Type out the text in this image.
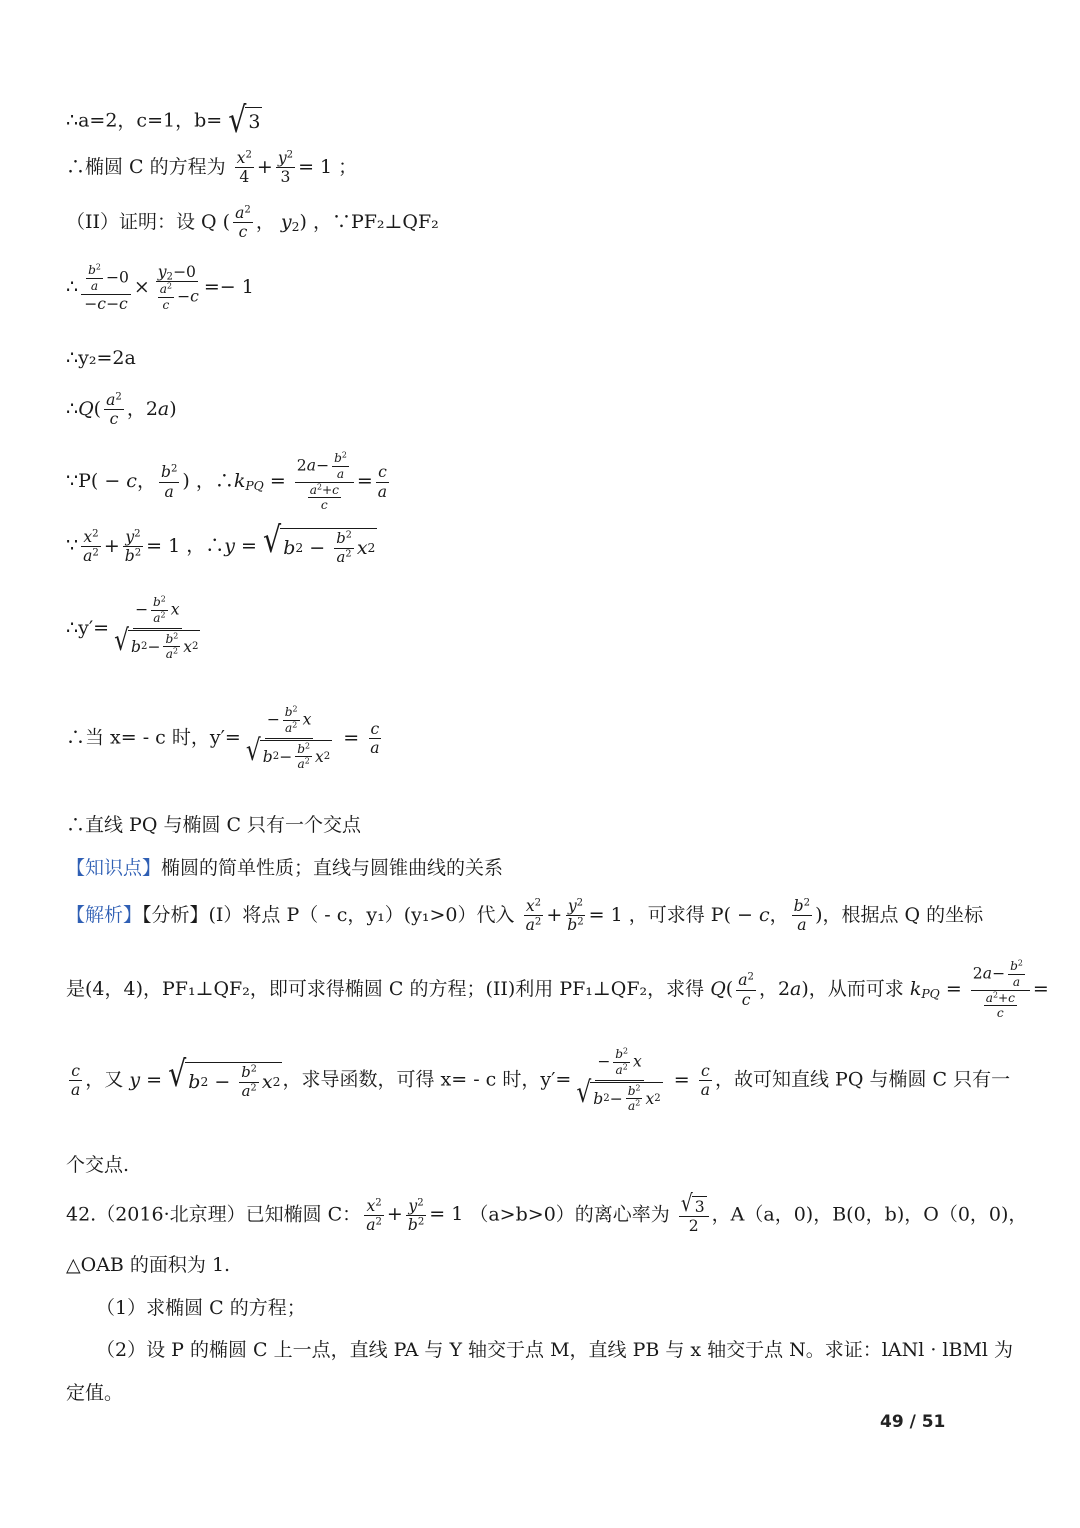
∴a=2，c=1，b= √ 3
∴椭圆 C 的方程为 $\frac{x^2}{4} + \frac{y^2}{3} = 1$ ；
（II）证明：设 Q ( $\frac{a^2}{c}$ ， $y_2$) ，∵PF₂⊥QF₂
∴ $\frac{\frac{b^2}{a} -0}{-c-c} \times \frac{y_2-0}{\frac{a^2}{c} -c} =- 1$
∴y₂=2a
∴Q( $\frac{a^2}{c}$ ，2a)
∵P( − c， $\frac{b^2}{a}$ ) ，$\therefore k_{PQ} = \frac{2a- \frac{b^2}{a}}{\frac{a^2+c}{c}} = \frac{c}{a}$
∵ $\frac{x^2}{a^2} + \frac{y^2}{b^2} = 1$ ，∴y = √ b $2 - \frac{b^2}{a^2}$ x 2
∴y′= $\frac{- \frac{b^2}{a^2} x}{√ b 2 - \frac{b^2}{a^2} x 2}$
∴当 x= - c 时，$y'= \frac{- \frac{b^2}{a^2} x}{√ b 2 - \frac{b^2}{a^2} x 2} = \frac{c}{a}$
∴直线 PQ 与椭圆 C 只有一个交点
【知识点】椭圆的简单性质；直线与圆锥曲线的关系
【解析】【分析】(I）将点 P（ - c，y₁）(y₁>0）代入 $\frac{x^2}{a^2} + \frac{y^2}{b^2} = 1$ ，可求得 P( − c， $\frac{b^2}{a}$ )，根据点 Q 的坐标
是(4，4)，PF₁⊥QF₂，即可求得椭圆 C 的方程；(II)利用 PF₁⊥QF₂，求得 $Q( \frac{a^2}{c}$ ，2a)，从而可求 $k_{PQ} = \frac{2a- \frac{b^2}{a}}{\frac{a^2+c}{c}}$ =
$\frac{c}{a}$ ，又 y = √ b $2 - \frac{b^2}{a^2}$ x 2 ，求导函数，可得 x= - c 时，$y'= \frac{- \frac{b^2}{a^2} x}{√ b 2 - \frac{b^2}{a^2} x 2} = \frac{c}{a}$ ，故可知直线 PQ 与椭圆 C 只有一
个交点.
42.（2016·北京理）已知椭圆 C： $\frac{x^2}{a^2} + \frac{y^2}{b^2} = 1$ （a>b>0）的离心率为 $\frac{√ 3}{2}$ ，A（a，0)，B(0，b)，O（0，0)，
△OAB 的面积为 1.
（1）求椭圆 C 的方程；
（2）设 P 的椭圆 C 上一点，直线 PA 与 Y 轴交于点 M，直线 PB 与 x 轴交于点 N。求证：lANl · lBMl 为
定值。
49 / 51
